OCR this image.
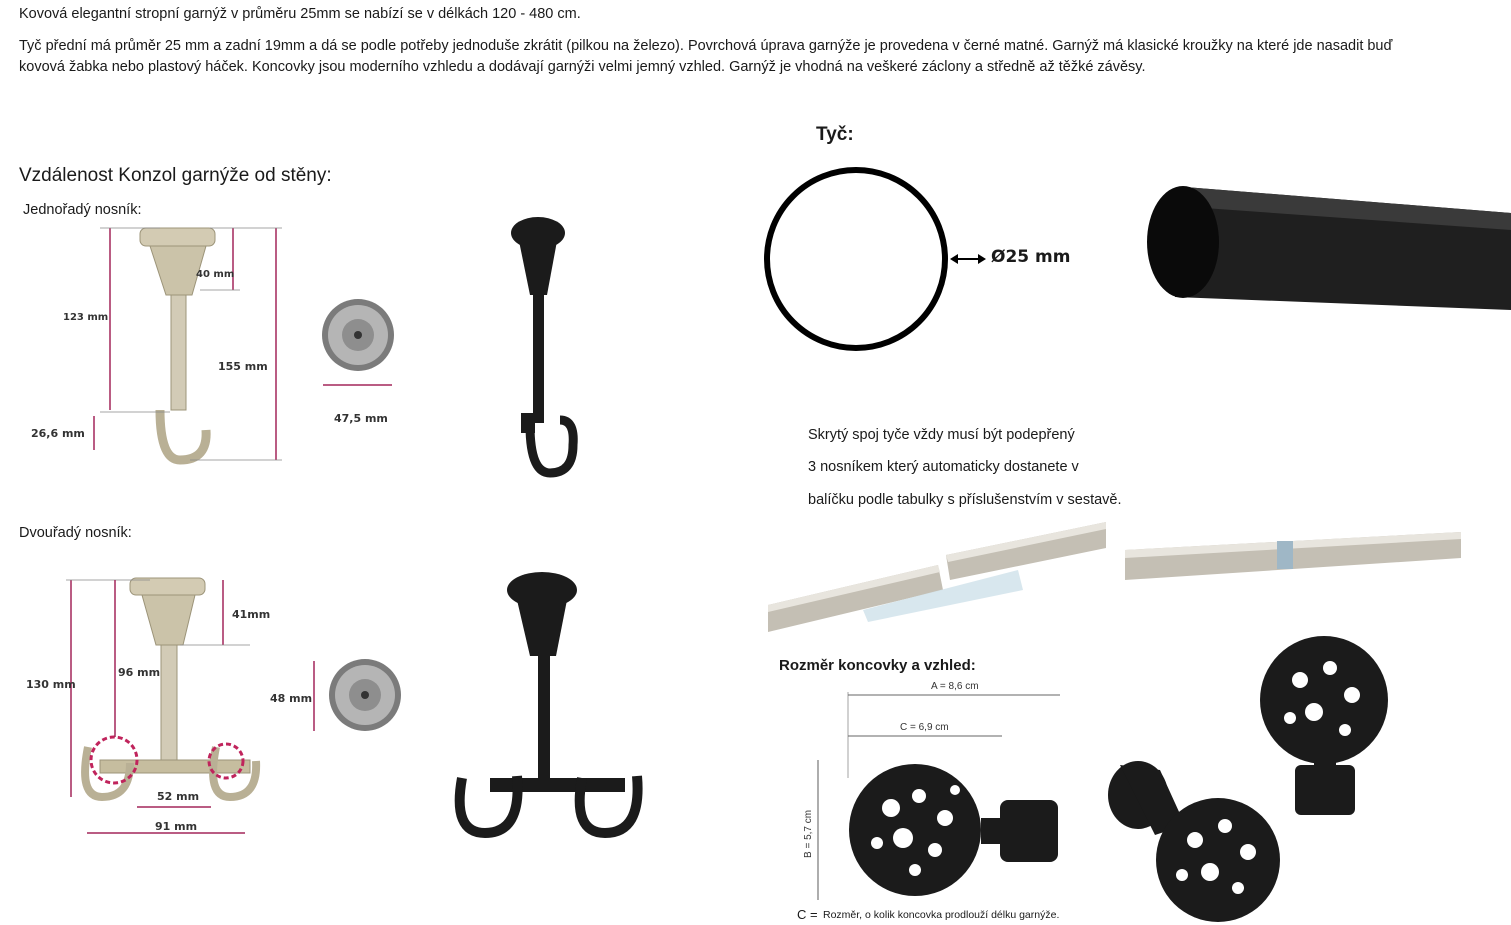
Kovová elegantní stropní garnýž v průměru 25mm se nabízí se v délkách 120 - 480 cm.
Tyč přední má průměr 25 mm a zadní 19mm a dá se podle potřeby jednoduše zkrátit (pilkou na železo). Povrchová úprava garnýže je provedena v černé matné. Garnýž má klasické kroužky na které jde nasadit buď kovová žabka nebo plastový háček. Koncovky jsou moderního vzhledu a dodávají garnýži velmi jemný vzhled. Garnýž je vhodná na veškeré záclony a středně až těžké závěsy.
Vzdálenost Konzol garnýže od stěny:
Jednořadý nosník:
Dvouřadý nosník:
40 mm
123 mm
155 mm
26,6 mm
47,5 mm
41mm
130 mm
96 mm
52 mm
91 mm
48 mm
Tyč:
Ø25 mm
Skrytý spoj tyče vždy musí být podepřený
3 nosníkem který automaticky dostanete v
balíčku podle tabulky s příslušenstvím v sestavě.
Rozměr koncovky a vzhled:
A = 8,6 cm
C = 6,9 cm
B = 5,7 cm
C = Rozměr, o kolik koncovka prodlouží délku garnýže.
